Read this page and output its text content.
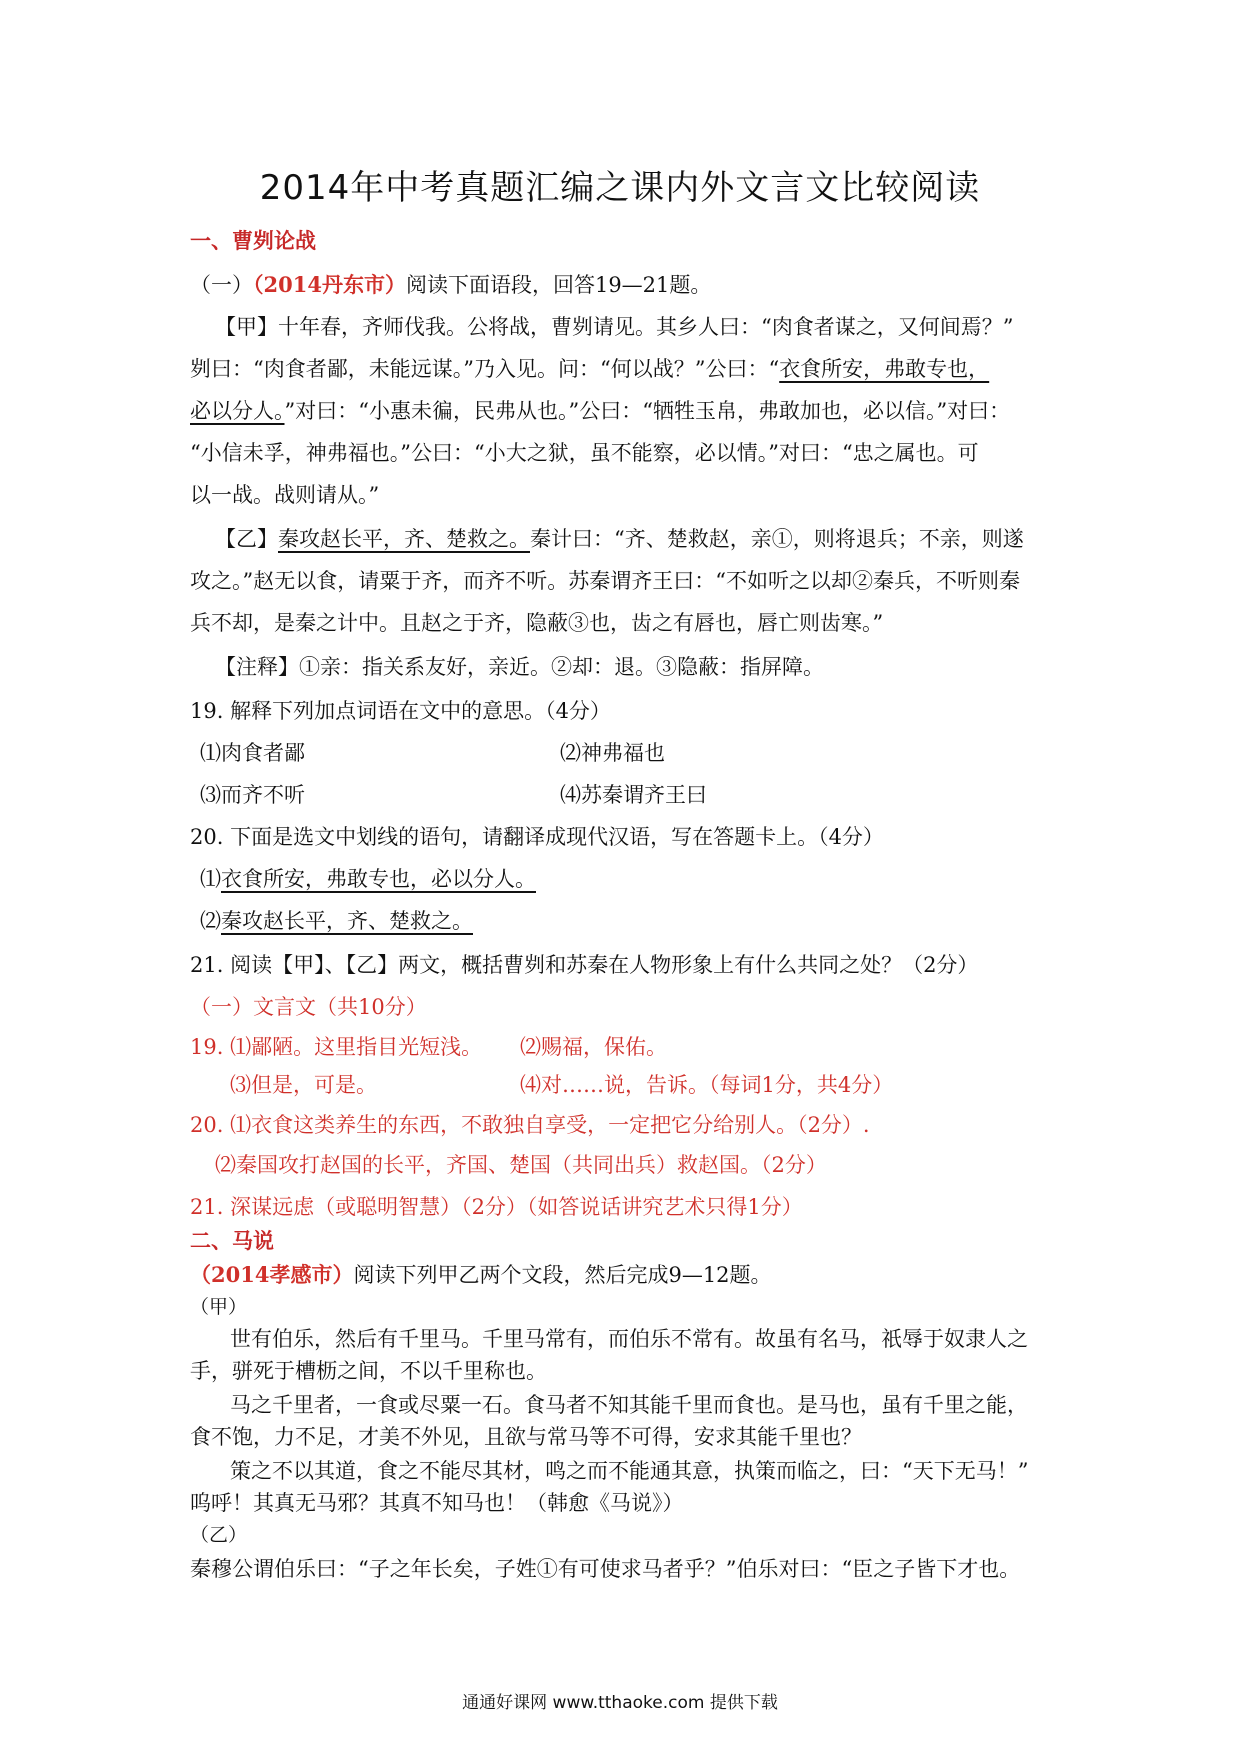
2014年中考真题汇编之课内外文言文比较阅读
一、曹刿论战
（一）（2014丹东市）阅读下面语段，回答19—21题。
【甲】十年春，齐师伐我。公将战，曹刿请见。其乡人曰：“肉食者谋之，又何间焉？”
刿曰：“肉食者鄙，未能远谋。”乃入见。问：“何以战？”公曰：“衣食所安，弗敢专也，
必以分人。”对曰：“小惠未徧，民弗从也。”公曰：“牺牲玉帛，弗敢加也，必以信。”对曰：
“小信未孚，神弗福也。”公曰：“小大之狱，虽不能察，必以情。”对曰：“忠之属也。可
以一战。战则请从。”
【乙】秦攻赵长平，齐、楚救之。秦计曰：“齐、楚救赵，亲①，则将退兵；不亲，则遂
攻之。”赵无以食，请粟于齐，而齐不听。苏秦谓齐王曰：“不如听之以却②秦兵，不听则秦
兵不却，是秦之计中。且赵之于齐，隐蔽③也，齿之有唇也，唇亡则齿寒。”
【注释】①亲：指关系友好，亲近。②却：退。③隐蔽：指屏障。
19. 解释下列加点词语在文中的意思。（4分）
⑴肉食者鄙	⑵神弗福也
⑶而齐不听	⑷苏秦谓齐王曰
20. 下面是选文中划线的语句，请翻译成现代汉语，写在答题卡上。（4分）
⑴衣食所安，弗敢专也，必以分人。
⑵秦攻赵长平，齐、楚救之。
21. 阅读【甲】、【乙】两文，概括曹刿和苏秦在人物形象上有什么共同之处？（2分）
（一）文言文（共10分）
19. ⑴鄙陋。这里指目光短浅。 ⑵赐福，保佑。
⑶但是，可是。	⑷对……说，告诉。（每词1分，共4分）
20. ⑴衣食这类养生的东西，不敢独自享受，一定把它分给别人。（2分）.
⑵秦国攻打赵国的长平，齐国、楚国（共同出兵）救赵国。（2分）
21. 深谋远虑（或聪明智慧）（2分）（如答说话讲究艺术只得1分）
二、马说
（2014孝感市）阅读下列甲乙两个文段，然后完成9—12题。
（甲）
世有伯乐，然后有千里马。千里马常有，而伯乐不常有。故虽有名马，祇辱于奴隶人之
手，骈死于槽枥之间，不以千里称也。
马之千里者，一食或尽粟一石。食马者不知其能千里而食也。是马也，虽有千里之能，
食不饱，力不足，才美不外见，且欲与常马等不可得，安求其能千里也？
策之不以其道，食之不能尽其材，鸣之而不能通其意，执策而临之，曰：“天下无马！”
呜呼！其真无马邪？其真不知马也！（韩愈《马说》）
（乙）
秦穆公谓伯乐曰：“子之年长矣，子姓①有可使求马者乎？”伯乐对曰：“臣之子皆下才也。
通通好课网 www.tthaoke.com 提供下载
